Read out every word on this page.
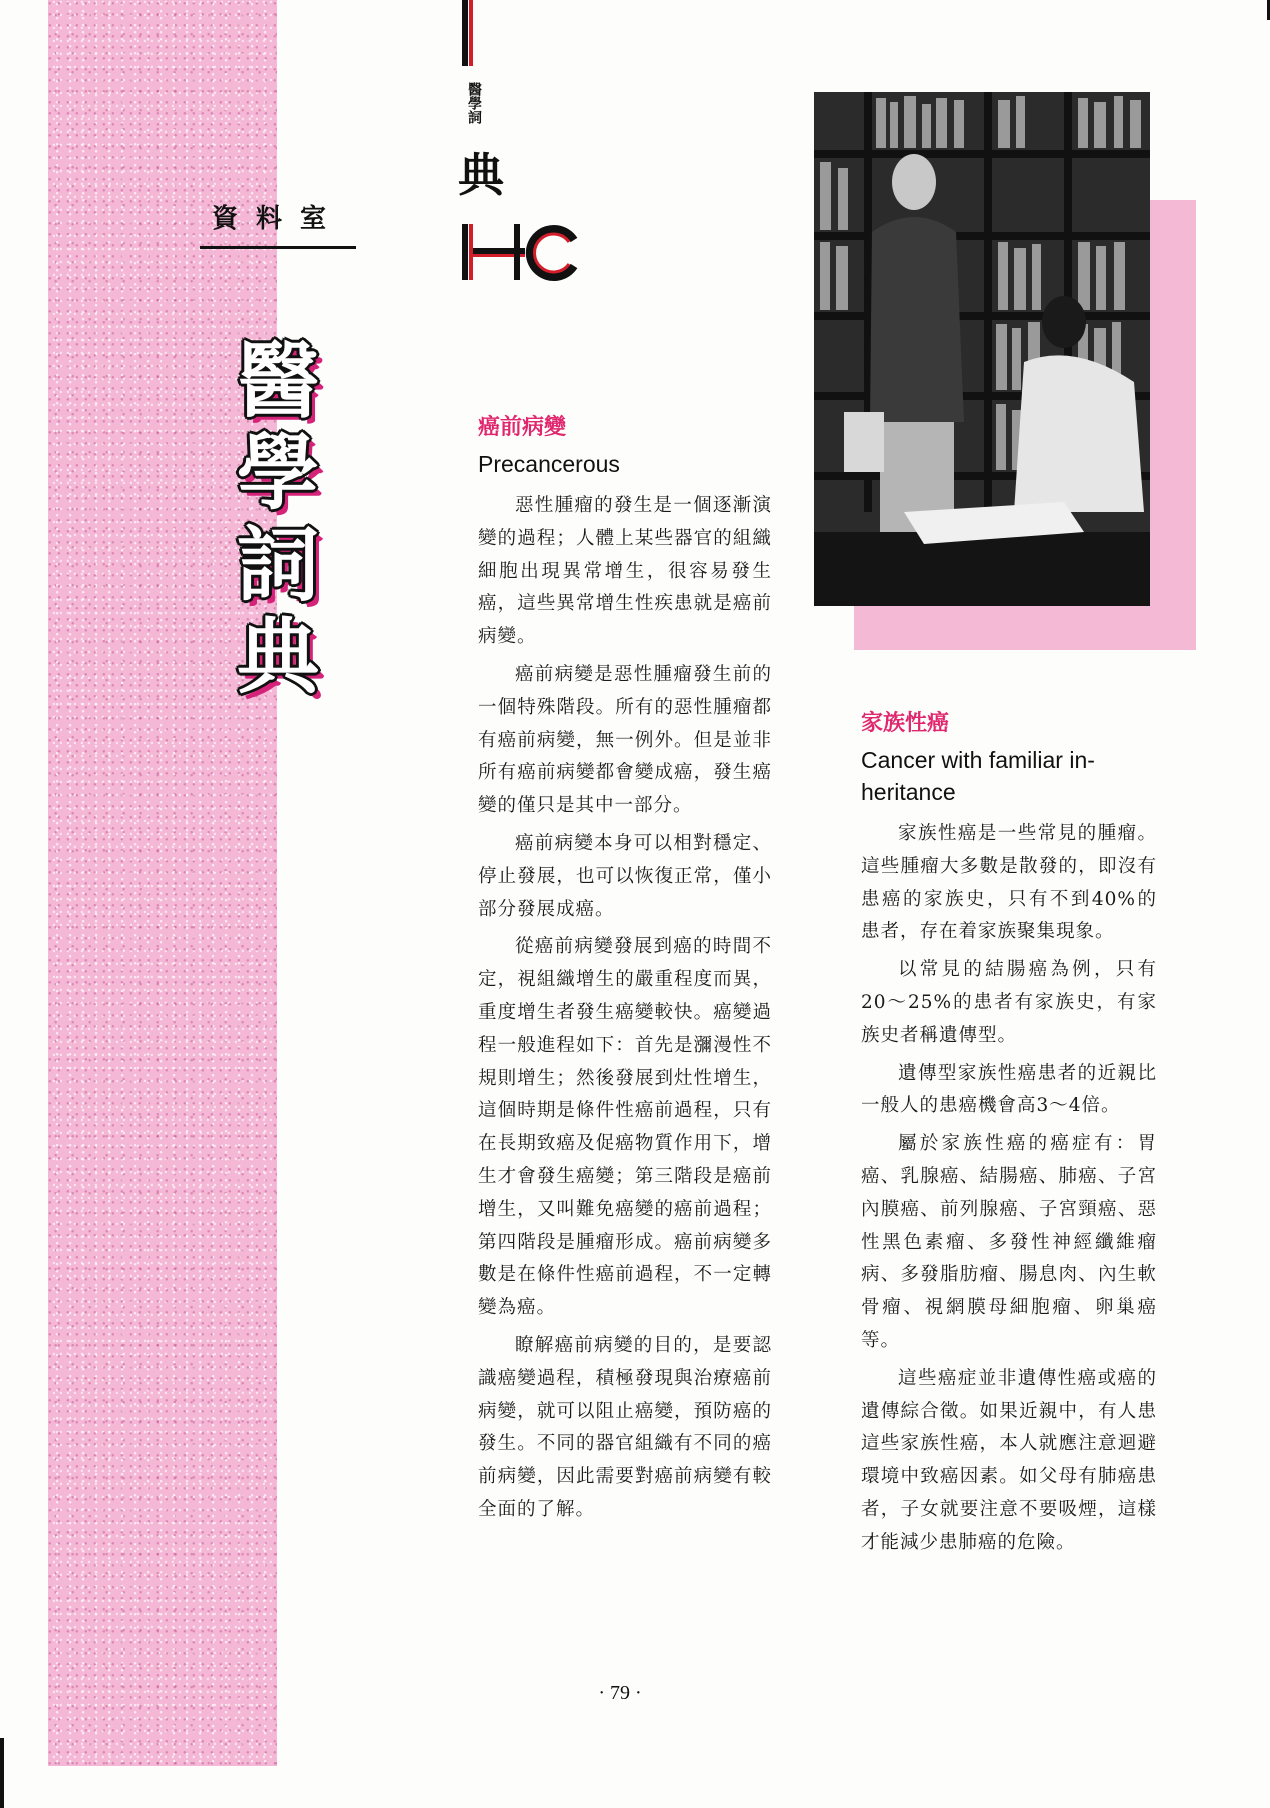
資料室
醫
學
詞
典
醫學詞
典
癌前病變
Precancerous

惡性腫瘤的發生是一個逐漸演變的過程；人體上某些器官的組織細胞出現異常增生，很容易發生癌，這些異常增生性疾患就是癌前病變。

癌前病變是惡性腫瘤發生前的一個特殊階段。所有的惡性腫瘤都有癌前病變，無一例外。但是並非所有癌前病變都會變成癌，發生癌變的僅只是其中一部分。

癌前病變本身可以相對穩定、停止發展，也可以恢復正常，僅小部分發展成癌。

從癌前病變發展到癌的時間不定，視組織增生的嚴重程度而異，重度增生者發生癌變較快。癌變過程一般進程如下：首先是瀰漫性不規則增生；然後發展到灶性增生，這個時期是條件性癌前過程，只有在長期致癌及促癌物質作用下，增生才會發生癌變；第三階段是癌前增生，又叫難免癌變的癌前過程；第四階段是腫瘤形成。癌前病變多數是在條件性癌前過程，不一定轉變為癌。

瞭解癌前病變的目的，是要認識癌變過程，積極發現與治療癌前病變，就可以阻止癌變，預防癌的發生。不同的器官組織有不同的癌前病變，因此需要對癌前病變有較全面的了解。

家族性癌
Cancer with familiar in-heritance

家族性癌是一些常見的腫瘤。這些腫瘤大多數是散發的，即沒有患癌的家族史，只有不到40%的患者，存在着家族聚集現象。

以常見的結腸癌為例，只有20～25%的患者有家族史，有家族史者稱遺傳型。

遺傳型家族性癌患者的近親比一般人的患癌機會高3～4倍。

屬於家族性癌的癌症有：胃癌、乳腺癌、結腸癌、肺癌、子宮內膜癌、前列腺癌、子宮頸癌、惡性黑色素瘤、多發性神經纖維瘤病、多發脂肪瘤、腸息肉、內生軟骨瘤、視網膜母細胞瘤、卵巢癌等。

這些癌症並非遺傳性癌或癌的遺傳綜合徵。如果近親中，有人患這些家族性癌，本人就應注意迴避環境中致癌因素。如父母有肺癌患者，子女就要注意不要吸煙，這樣才能減少患肺癌的危險。

· 79 ·
